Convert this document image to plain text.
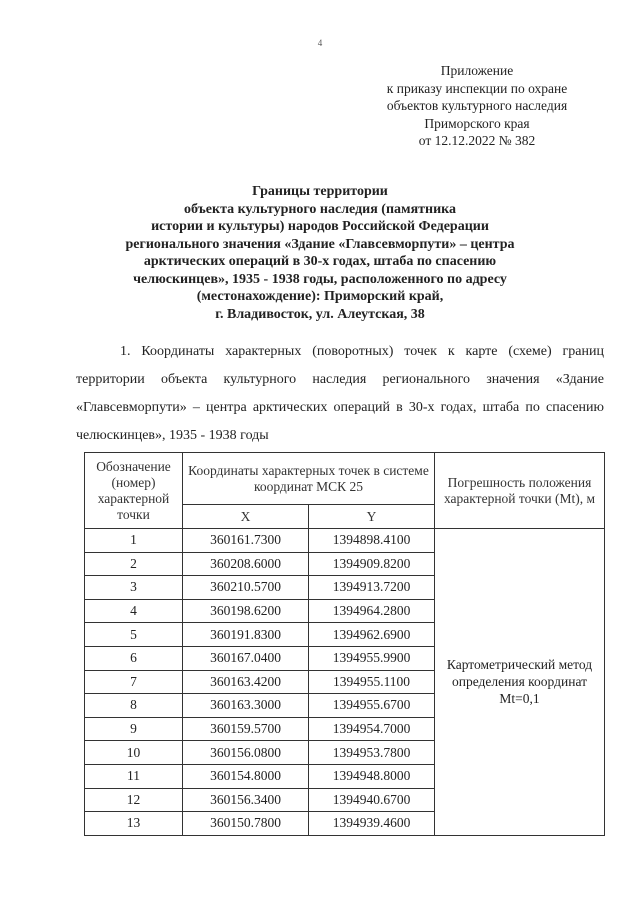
4
Приложение
к приказу инспекции по охране
объектов культурного наследия
Приморского края
от 12.12.2022 № 382
Границы территории
объекта культурного наследия (памятника
истории и культуры) народов Российской Федерации
регионального значения «Здание «Главсевморпути» – центра
арктических операций в 30-х годах, штаба по спасению
челюскинцев», 1935 - 1938 годы, расположенного по адресу
(местонахождение): Приморский край,
г. Владивосток, ул. Алеутская, 38
1. Координаты характерных (поворотных) точек к карте (схеме) границ территории объекта культурного наследия регионального значения «Здание «Главсевморпути» – центра арктических операций в 30-х годах, штаба по спасению челюскинцев», 1935 - 1938 годы
Обозначение (номер) характерной точки	Координаты характерных точек в системе координат МСК 25		Погрешность положения характерной точки (Mt), м
	X	Y	
1	360161.7300	1394898.4100	Картометрический метод определения координат Mt=0,1
2	360208.6000	1394909.8200	
3	360210.5700	1394913.7200	
4	360198.6200	1394964.2800	
5	360191.8300	1394962.6900	
6	360167.0400	1394955.9900	
7	360163.4200	1394955.1100	
8	360163.3000	1394955.6700	
9	360159.5700	1394954.7000	
10	360156.0800	1394953.7800	
11	360154.8000	1394948.8000	
12	360156.3400	1394940.6700	
13	360150.7800	1394939.4600	
